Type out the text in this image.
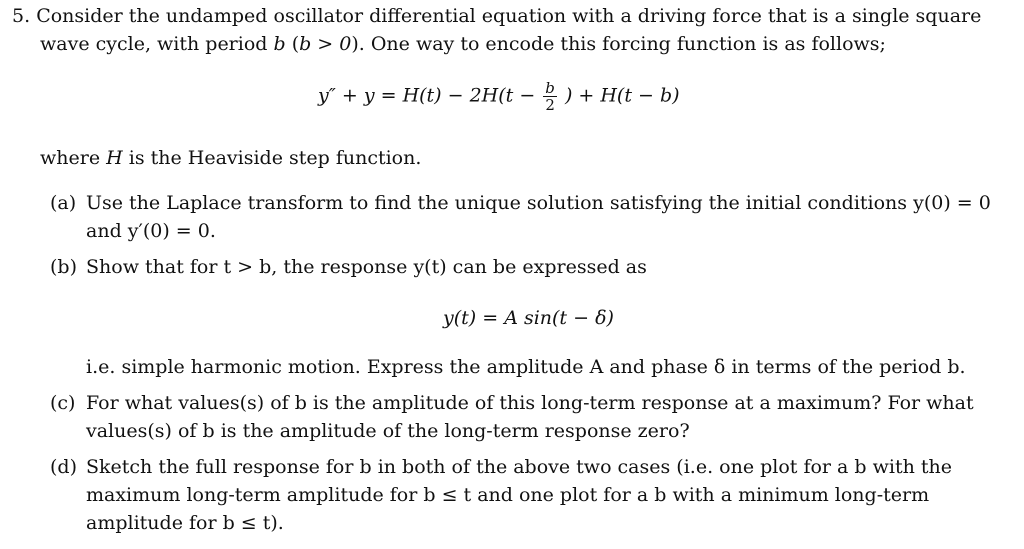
5. Consider the undamped oscillator differential equation with a driving force that is a single square
wave cycle, with period b (b > 0). One way to encode this forcing function is as follows;
$y'' + y = H(t) - 2H(t - \frac{b}{2}$ ) + H(t − b)
where H is the Heaviside step function.
(a) Use the Laplace transform to find the unique solution satisfying the initial conditions y(0) = 0
and y′(0) = 0.
(b) Show that for t > b, the response y(t) can be expressed as
y(t) = A sin(t − δ)
i.e. simple harmonic motion. Express the amplitude A and phase δ in terms of the period b.
(c) For what values(s) of b is the amplitude of this long-term response at a maximum? For what
values(s) of b is the amplitude of the long-term response zero?
(d) Sketch the full response for b in both of the above two cases (i.e. one plot for a b with the
maximum long-term amplitude for b ≤ t and one plot for a b with a minimum long-term
amplitude for b ≤ t).
